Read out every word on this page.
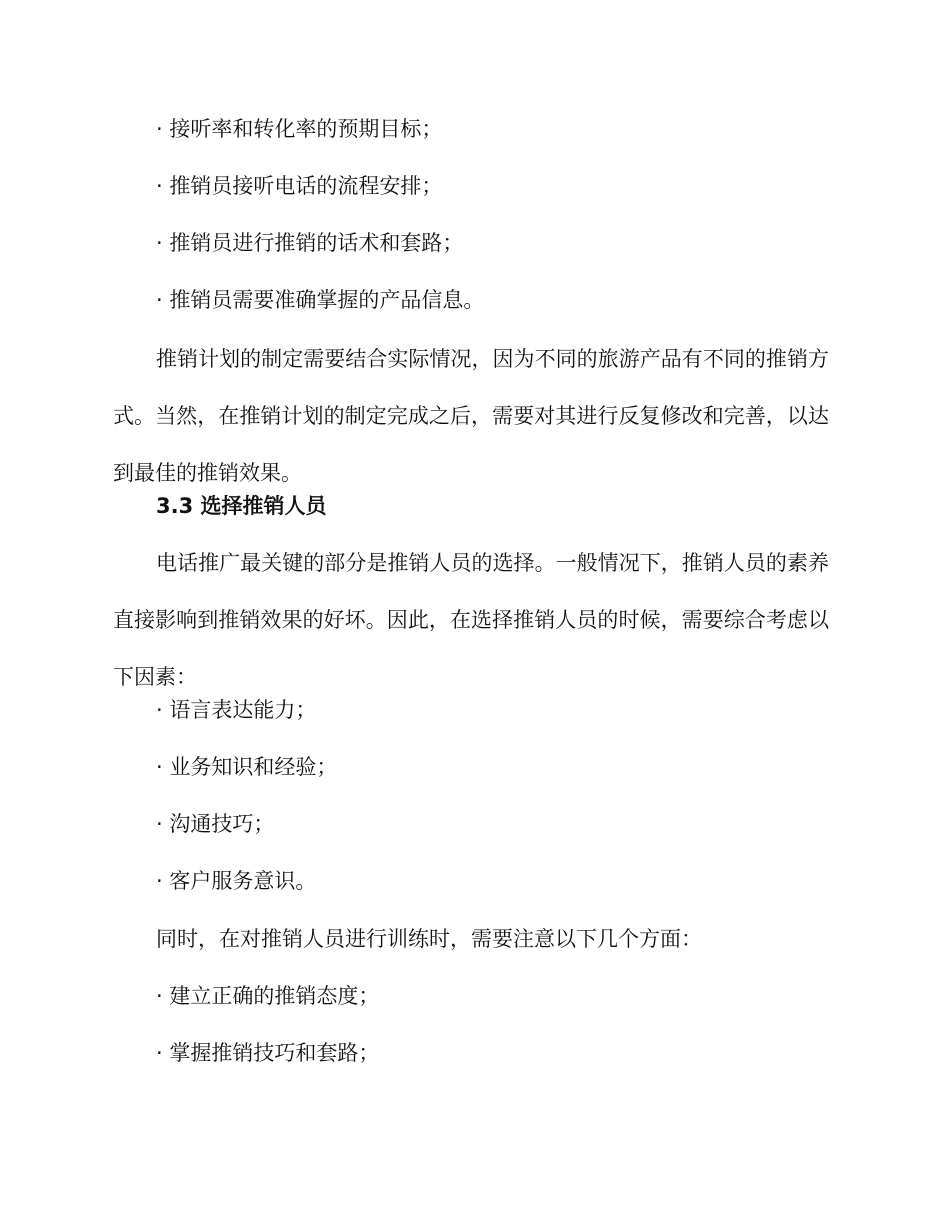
· 接听率和转化率的预期目标；
· 推销员接听电话的流程安排；
· 推销员进行推销的话术和套路；
· 推销员需要准确掌握的产品信息。

推销计划的制定需要结合实际情况，因为不同的旅游产品有不同的推销方式。当然，在推销计划的制定完成之后，需要对其进行反复修改和完善，以达到最佳的推销效果。

3.3 选择推销人员

电话推广最关键的部分是推销人员的选择。一般情况下，推销人员的素养直接影响到推销效果的好坏。因此，在选择推销人员的时候，需要综合考虑以下因素：

· 语言表达能力；
· 业务知识和经验；
· 沟通技巧；
· 客户服务意识。
同时，在对推销人员进行训练时，需要注意以下几个方面：
· 建立正确的推销态度；
· 掌握推销技巧和套路；
